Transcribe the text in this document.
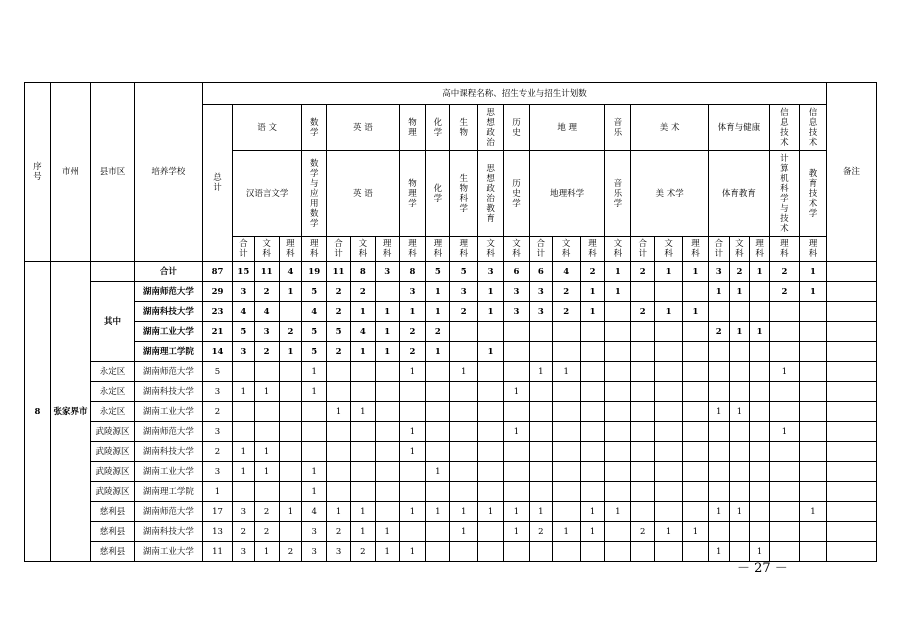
序号	市州	县市区	培养学校	高中课程名称、招生专业与招生计划数																									备注
				总计	语 文			数学	英 语			物理	化学	生物	思想政治	历史	地 理			音乐	美 术			体育与健康			信息技术	信息技术	
					汉语言文学			数学与应用数学	英 语			物理学	化学	生物科学	思想政治教育	历史学	地理科学			音乐学	美 术学			体育教育			计算机科学与技术	教育技术学	
					合计	文科	理科	理科	合计	文科	理科	理科	理科	理科	文科	文科	合计	文科	理科	文科	合计	文科	理科	合计	文科	理科	理科	理科	
8	张家界市		合计	87	15	11	4	19	11	8	3	8	5	5	3	6	6	4	2	1	2	1	1	3	2	1	2	1	
		其中	湖南师范大学	29	3	2	1	5	2	2		3	1	3	1	3	3	2	1	1				1	1		2	1	
			湖南科技大学	23	4	4		4	2	1	1	1	1	2	1	3	3	2	1		2	1	1						
			湖南工业大学	21	5	3	2	5	5	4	1	2	2											2	1	1			
			湖南理工学院	14	3	2	1	5	2	1	1	2	1		1														
		永定区	湖南师范大学	5				1				1		1			1	1									1		
		永定区	湖南科技大学	3	1	1		1								1													
		永定区	湖南工业大学	2					1	1														1	1				
		武陵源区	湖南师范大学	3								1				1											1		
		武陵源区	湖南科技大学	2	1	1						1																	
		武陵源区	湖南工业大学	3	1	1		1					1																
		武陵源区	湖南理工学院	1				1																					
		慈利县	湖南师范大学	17	3	2	1	4	1	1		1	1	1	1	1	1		1	1				1	1			1	
		慈利县	湖南科技大学	13	2	2		3	2	1	1			1		1	2	1	1		2	1	1						
		慈利县	湖南工业大学	11	3	1	2	3	3	2	1	1												1		1			
－ 27 －
